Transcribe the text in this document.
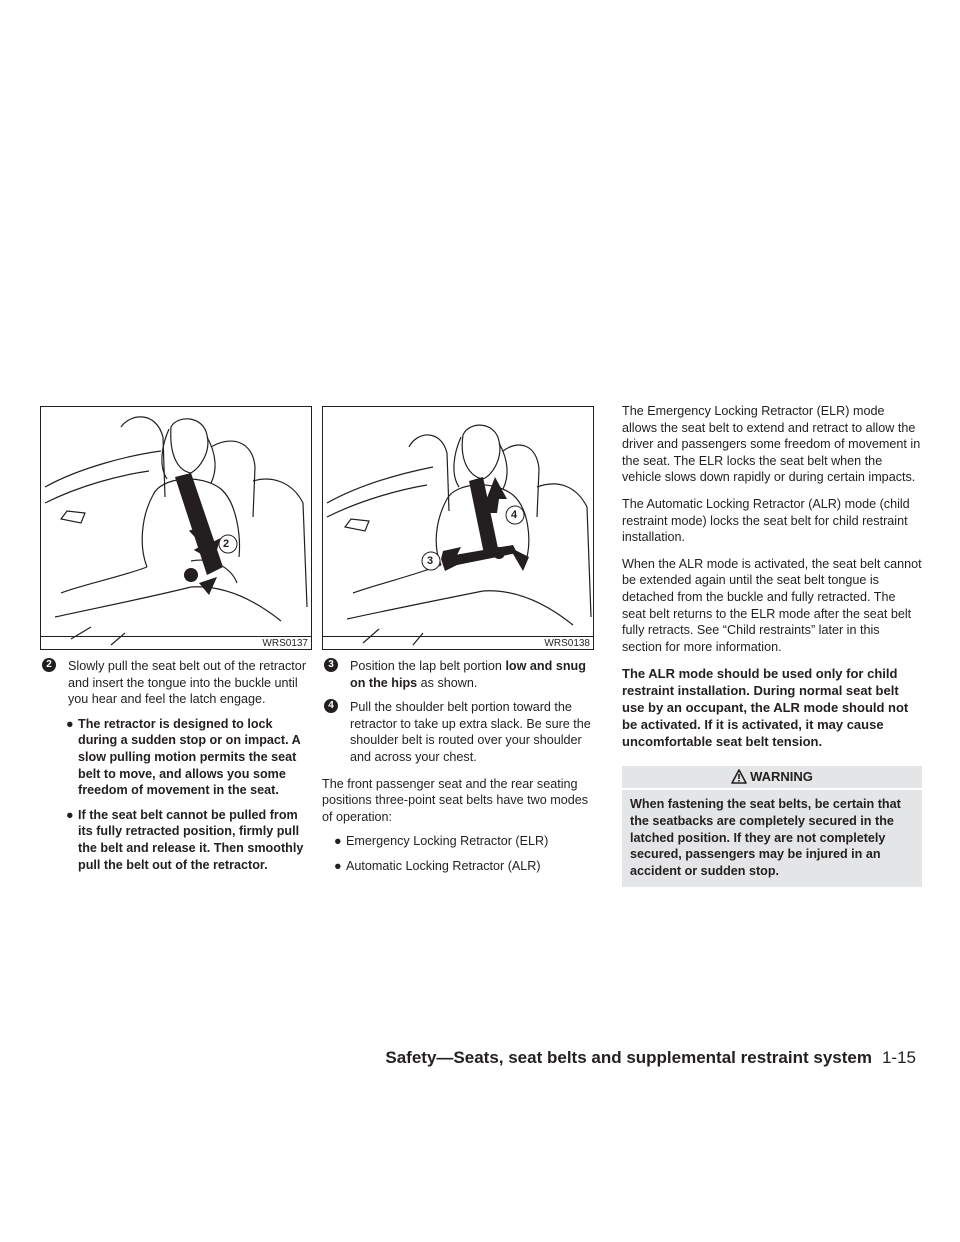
2
WRS0137
2	Slowly pull the seat belt out of the retractor and insert the tongue into the buckle until you hear and feel the latch engage.

● The retractor is designed to lock during a sudden stop or on impact. A slow pulling motion permits the seat belt to move, and allows you some freedom of movement in the seat.

● If the seat belt cannot be pulled from its fully retracted position, firmly pull the belt and release it. Then smoothly pull the belt out of the retractor.

3
4
WRS0138
3	Position the lap belt portion low and snug on the hips as shown.

4	Pull the shoulder belt portion toward the retractor to take up extra slack. Be sure the shoulder belt is routed over your shoulder and across your chest.

The front passenger seat and the rear seating positions three-point seat belts have two modes of operation:

● Emergency Locking Retractor (ELR)

● Automatic Locking Retractor (ALR)

The Emergency Locking Retractor (ELR) mode allows the seat belt to extend and retract to allow the driver and passengers some freedom of movement in the seat. The ELR locks the seat belt when the vehicle slows down rapidly or during certain impacts.

The Automatic Locking Retractor (ALR) mode (child restraint mode) locks the seat belt for child restraint installation.

When the ALR mode is activated, the seat belt cannot be extended again until the seat belt tongue is detached from the buckle and fully retracted. The seat belt returns to the ELR mode after the seat belt fully retracts. See “Child restraints” later in this section for more information.

The ALR mode should be used only for child restraint installation. During normal seat belt use by an occupant, the ALR mode should not be activated. If it is activated, it may cause uncomfortable seat belt tension.

WARNING

When fastening the seat belts, be certain that the seatbacks are completely secured in the latched position. If they are not completely secured, passengers may be injured in an accident or sudden stop.

Safety—Seats, seat belts and supplemental restraint system 1-15
